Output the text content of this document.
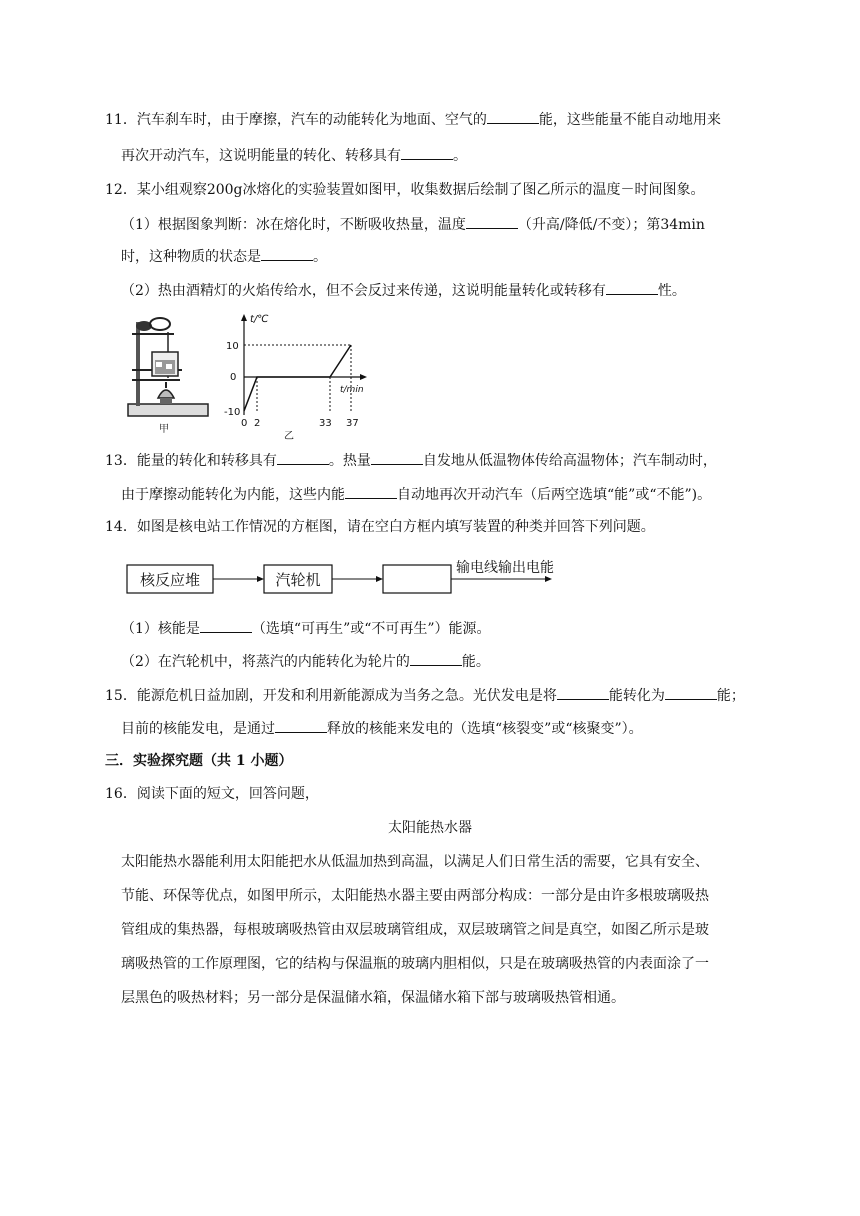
11．汽车刹车时，由于摩擦，汽车的动能转化为地面、空气的	能，这些能量不能自动地用来
再次开动汽车，这说明能量的转化、转移具有	。
12．某小组观察200g冰熔化的实验装置如图甲，收集数据后绘制了图乙所示的温度－时间图象。
（1）根据图象判断：冰在熔化时，不断吸收热量，温度	（升高/降低/不变）；第34min
时，这种物质的状态是	。
（2）热由酒精灯的火焰传给水，但不会反过来传递，这说明能量转化或转移有	性。
甲
t/℃
t/min
10
0
-10
0 2	33 37
乙
13．能量的转化和转移具有	。热量	自发地从低温物体传给高温物体；汽车制动时，
由于摩擦动能转化为内能，这些内能	自动地再次开动汽车（后两空选填“能”或“不能”)。
14．如图是核电站工作情况的方框图，请在空白方框内填写装置的种类并回答下列问题。
核反应堆	汽轮机
输电线输出电能
（1）核能是	（选填“可再生”或“不可再生”）能源。
（2）在汽轮机中，将蒸汽的内能转化为轮片的	能。
15．能源危机日益加剧，开发和利用新能源成为当务之急。光伏发电是将	能转化为	能；
目前的核能发电，是通过	释放的核能来发电的（选填“核裂变”或“核聚变”）。
三．实验探究题（共 1 小题）
16．阅读下面的短文，回答问题，
太阳能热水器
太阳能热水器能利用太阳能把水从低温加热到高温，以满足人们日常生活的需要，它具有安全、
节能、环保等优点，如图甲所示，太阳能热水器主要由两部分构成：一部分是由许多根玻璃吸热
管组成的集热器，每根玻璃吸热管由双层玻璃管组成，双层玻璃管之间是真空，如图乙所示是玻
璃吸热管的工作原理图，它的结构与保温瓶的玻璃内胆相似，只是在玻璃吸热管的内表面涂了一
层黑色的吸热材料；另一部分是保温储水箱，保温储水箱下部与玻璃吸热管相通。
